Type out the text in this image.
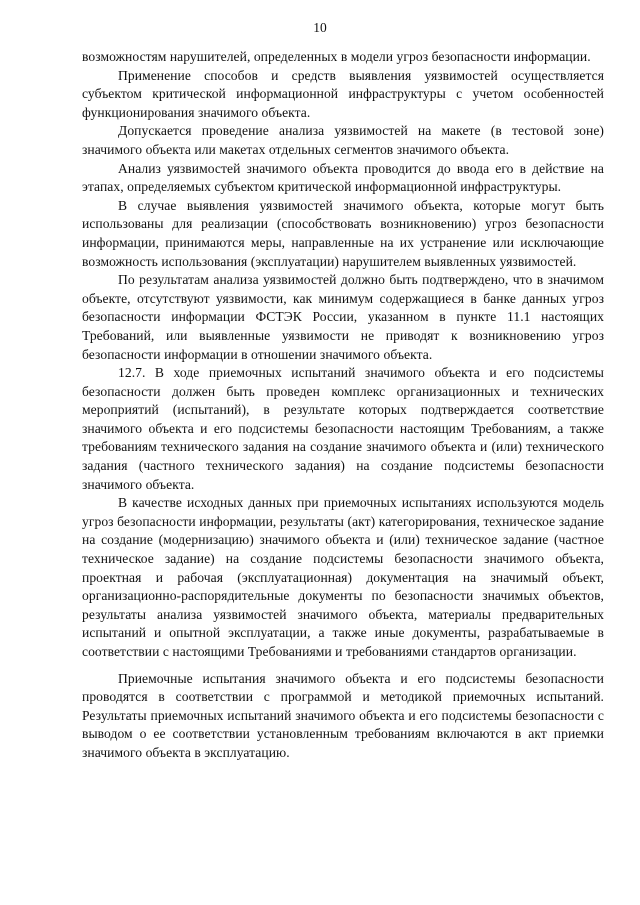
10

возможностям нарушителей, определенных в модели угроз безопасности информации.

Применение способов и средств выявления уязвимостей осуществляется субъектом критической информационной инфраструктуры с учетом особенностей функционирования значимого объекта.

Допускается проведение анализа уязвимостей на макете (в тестовой зоне) значимого объекта или макетах отдельных сегментов значимого объекта.

Анализ уязвимостей значимого объекта проводится до ввода его в действие на этапах, определяемых субъектом критической информационной инфраструктуры.

В случае выявления уязвимостей значимого объекта, которые могут быть использованы для реализации (способствовать возникновению) угроз безопасности информации, принимаются меры, направленные на их устранение или исключающие возможность использования (эксплуатации) нарушителем выявленных уязвимостей.

По результатам анализа уязвимостей должно быть подтверждено, что в значимом объекте, отсутствуют уязвимости, как минимум содержащиеся в банке данных угроз безопасности информации ФСТЭК России, указанном в пункте 11.1 настоящих Требований, или выявленные уязвимости не приводят к возникновению угроз безопасности информации в отношении значимого объекта.

12.7. В ходе приемочных испытаний значимого объекта и его подсистемы безопасности должен быть проведен комплекс организационных и технических мероприятий (испытаний), в результате которых подтверждается соответствие значимого объекта и его подсистемы безопасности настоящим Требованиям, а также требованиям технического задания на создание значимого объекта и (или) технического задания (частного технического задания) на создание подсистемы безопасности значимого объекта.

В качестве исходных данных при приемочных испытаниях используются модель угроз безопасности информации, результаты (акт) категорирования, техническое задание на создание (модернизацию) значимого объекта и (или) техническое задание (частное техническое задание) на создание подсистемы безопасности значимого объекта, проектная и рабочая (эксплуатационная) документация на значимый объект, организационно-распорядительные документы по безопасности значимых объектов, результаты анализа уязвимостей значимого объекта, материалы предварительных испытаний и опытной эксплуатации, а также иные документы, разрабатываемые в соответствии с настоящими Требованиями и требованиями стандартов организации.

Приемочные испытания значимого объекта и его подсистемы безопасности проводятся в соответствии с программой и методикой приемочных испытаний. Результаты приемочных испытаний значимого объекта и его подсистемы безопасности с выводом о ее соответствии установленным требованиям включаются в акт приемки значимого объекта в эксплуатацию.
